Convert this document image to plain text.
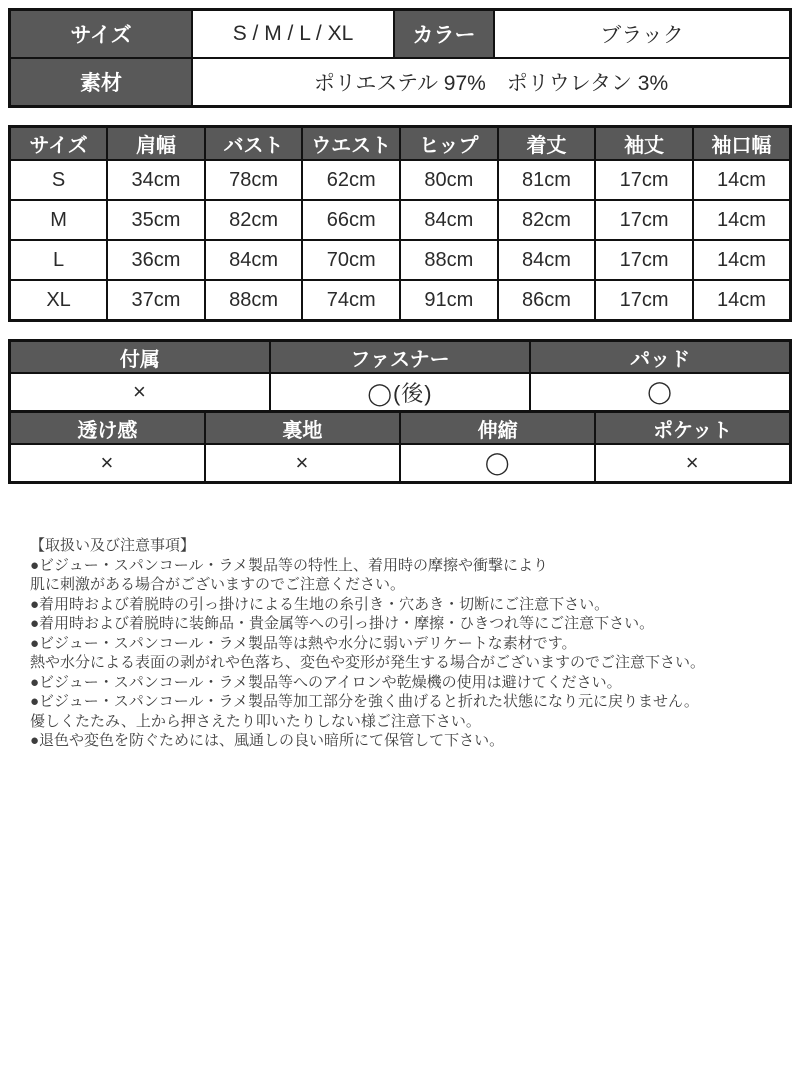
サイズ	S / M / L / XL	カラー	ブラック
素材	ポリエステル 97%　ポリウレタン 3%		
サイズ	肩幅	バスト	ウエスト	ヒップ	着丈	袖丈	袖口幅
S	34cm	78cm	62cm	80cm	81cm	17cm	14cm
M	35cm	82cm	66cm	84cm	82cm	17cm	14cm
L	36cm	84cm	70cm	88cm	84cm	17cm	14cm
XL	37cm	88cm	74cm	91cm	86cm	17cm	14cm
付属	ファスナー	パッド
×	◯(後)	◯
透け感	裏地	伸縮	ポケット
×	×	◯	×
【取扱い及び注意事項】
●ビジュー・スパンコール・ラメ製品等の特性上、着用時の摩擦や衝撃により
肌に刺激がある場合がございますのでご注意ください。
●着用時および着脱時の引っ掛けによる生地の糸引き・穴あき・切断にご注意下さい。
●着用時および着脱時に装飾品・貴金属等への引っ掛け・摩擦・ひきつれ等にご注意下さい。
●ビジュー・スパンコール・ラメ製品等は熱や水分に弱いデリケートな素材です。
熱や水分による表面の剥がれや色落ち、変色や変形が発生する場合がございますのでご注意下さい。
●ビジュー・スパンコール・ラメ製品等へのアイロンや乾燥機の使用は避けてください。
●ビジュー・スパンコール・ラメ製品等加工部分を強く曲げると折れた状態になり元に戻りません。
優しくたたみ、上から押さえたり叩いたりしない様ご注意下さい。
●退色や変色を防ぐためには、風通しの良い暗所にて保管して下さい。
